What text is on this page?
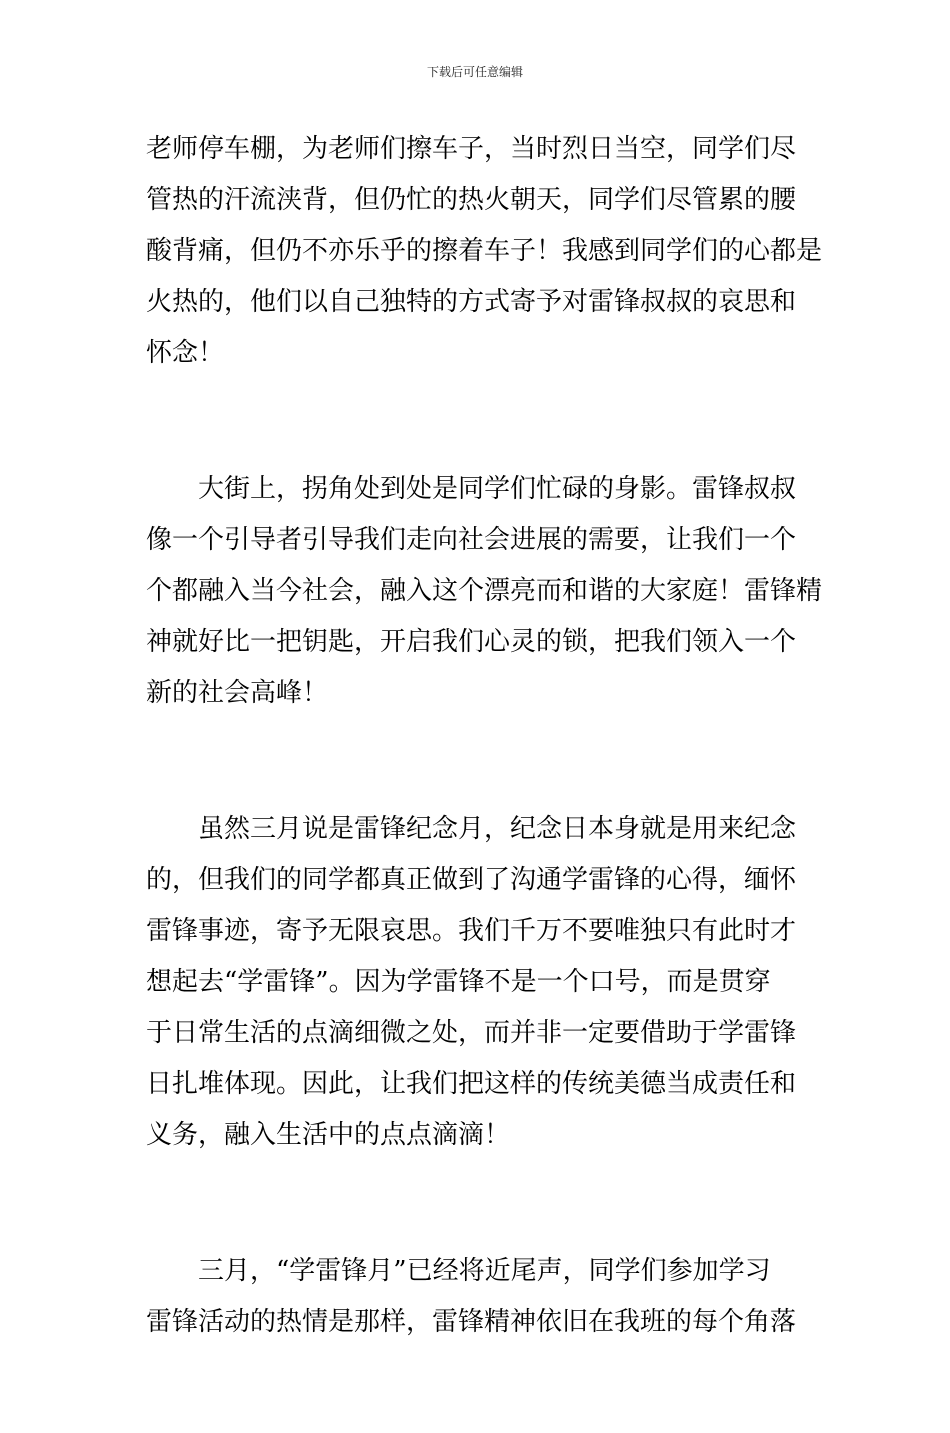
下载后可任意编辑

老师停车棚，为老师们擦车子，当时烈日当空，同学们尽
管热的汗流浃背，但仍忙的热火朝天，同学们尽管累的腰
酸背痛，但仍不亦乐乎的擦着车子！我感到同学们的心都是
火热的，他们以自己独特的方式寄予对雷锋叔叔的哀思和
怀念！

大街上，拐角处到处是同学们忙碌的身影。雷锋叔叔
像一个引导者引导我们走向社会进展的需要，让我们一个
个都融入当今社会，融入这个漂亮而和谐的大家庭！雷锋精
神就好比一把钥匙，开启我们心灵的锁，把我们领入一个
新的社会高峰！

虽然三月说是雷锋纪念月，纪念日本身就是用来纪念
的，但我们的同学都真正做到了沟通学雷锋的心得，缅怀
雷锋事迹，寄予无限哀思。我们千万不要唯独只有此时才
想起去“学雷锋”。因为学雷锋不是一个口号，而是贯穿
于日常生活的点滴细微之处，而并非一定要借助于学雷锋
日扎堆体现。因此，让我们把这样的传统美德当成责任和
义务，融入生活中的点点滴滴！

三月，“学雷锋月”已经将近尾声，同学们参加学习
雷锋活动的热情是那样，雷锋精神依旧在我班的每个角落
